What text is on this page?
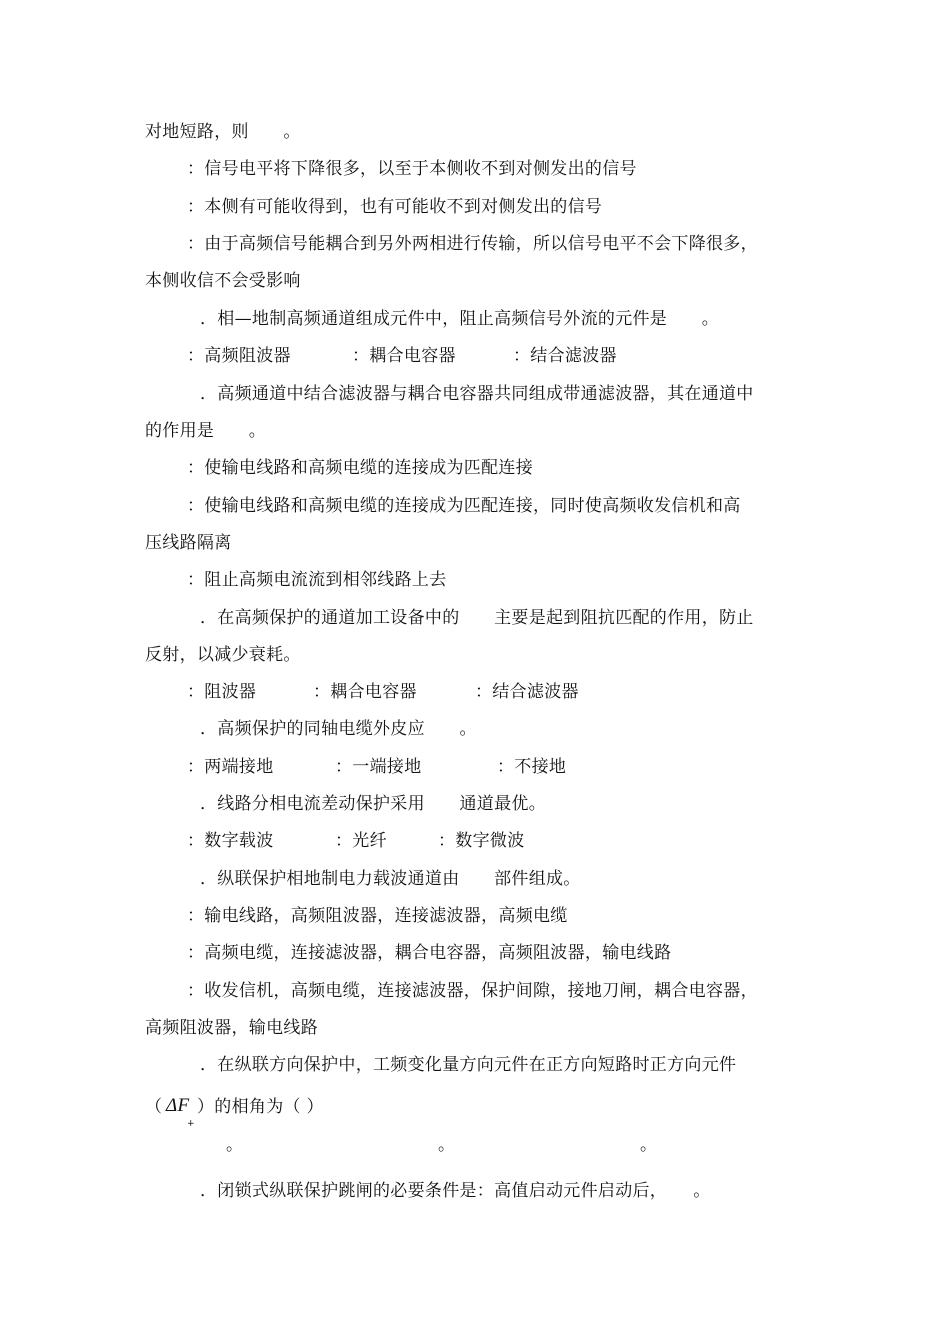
对地短路，则　　。
：信号电平将下降很多，以至于本侧收不到对侧发出的信号
：本侧有可能收得到，也有可能收不到对侧发出的信号
：由于高频信号能耦合到另外两相进行传输，所以信号电平不会下降很多，
本侧收信不会受影响
．相—地制高频通道组成元件中，阻止高频信号外流的元件是　　。
：高频阻波器	：耦合电容器	：结合滤波器
．高频通道中结合滤波器与耦合电容器共同组成带通滤波器，其在通道中
的作用是　　。
：使输电线路和高频电缆的连接成为匹配连接
：使输电线路和高频电缆的连接成为匹配连接，同时使高频收发信机和高
压线路隔离
：阻止高频电流流到相邻线路上去
．在高频保护的通道加工设备中的　　主要是起到阻抗匹配的作用，防止
反射，以减少衰耗。
：阻波器	：耦合电容器	：结合滤波器
．高频保护的同轴电缆外皮应　　。
：两端接地	：一端接地	：不接地
．线路分相电流差动保护采用　　通道最优。
：数字载波	：光纤	：数字微波
．纵联保护相地制电力载波通道由　　部件组成。
：输电线路，高频阻波器，连接滤波器，高频电缆
：高频电缆，连接滤波器，耦合电容器，高频阻波器，输电线路
：收发信机，高频电缆，连接滤波器，保护间隙，接地刀闸，耦合电容器，
高频阻波器，输电线路
．在纵联方向保护中，工频变化量方向元件在正方向短路时正方向元件
（ ΔF ）的相角为（ ）
+
。	。	。
．闭锁式纵联保护跳闸的必要条件是：高值启动元件启动后，　　。
